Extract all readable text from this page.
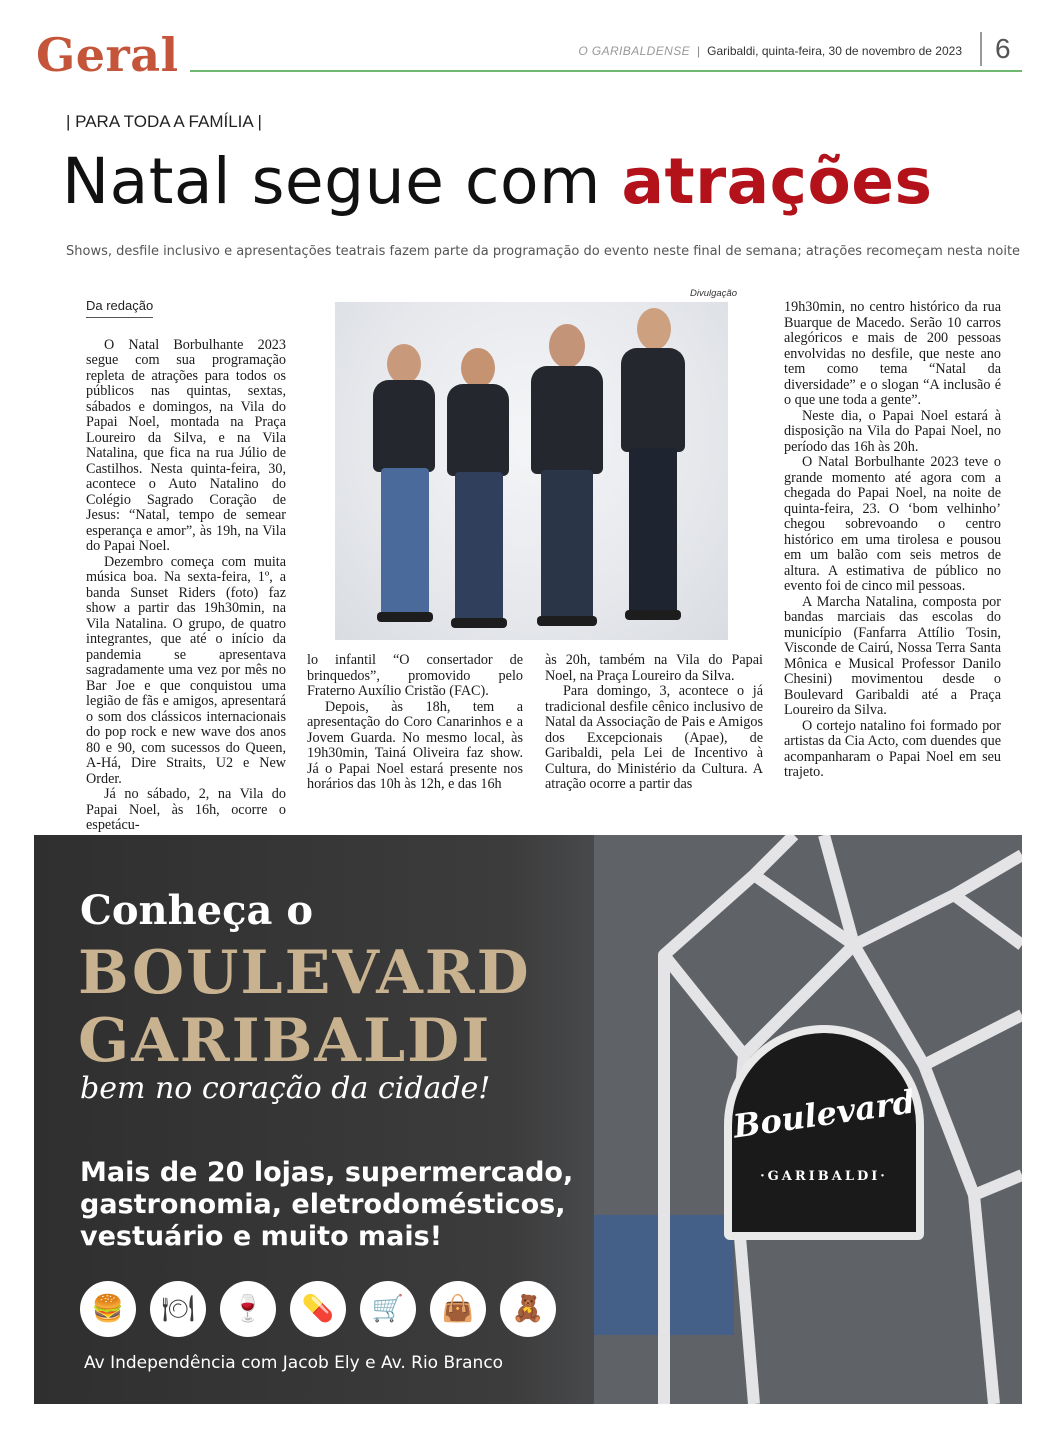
Geral	O GARIBALDENSE | Garibaldi, quinta-feira, 30 de novembro de 2023	6
| PARA TODA A FAMÍLIA |
Natal segue com atrações
Shows, desfile inclusivo e apresentações teatrais fazem parte da programação do evento neste final de semana; atrações recomeçam nesta noite
Da redação

O Natal Borbulhante 2023 segue com sua programação repleta de atrações para todos os públicos nas quintas, sextas, sábados e domingos, na Vila do Papai Noel, montada na Praça Loureiro da Silva, e na Vila Natalina, que fica na rua Júlio de Castilhos. Nesta quinta-feira, 30, acontece o Auto Natalino do Colégio Sagrado Coração de Jesus: “Natal, tempo de semear esperança e amor”, às 19h, na Vila do Papai Noel.

Dezembro começa com muita música boa. Na sexta-feira, 1º, a banda Sunset Riders (foto) faz show a partir das 19h30min, na Vila Natalina. O grupo, de quatro integrantes, que até o início da pandemia se apresentava sagradamente uma vez por mês no Bar Joe e que conquistou uma legião de fãs e amigos, apresentará o som dos clássicos internacionais do pop rock e new wave dos anos 80 e 90, com sucessos do Queen, A-Há, Dire Straits, U2 e New Order.

Já no sábado, 2, na Vila do Papai Noel, às 16h, ocorre o espetácu-

Divulgação

lo infantil “O consertador de brinquedos”, promovido pelo Fraterno Auxílio Cristão (FAC).

Depois, às 18h, tem a apresentação do Coro Canarinhos e a Jovem Guarda. No mesmo local, às 19h30min, Tainá Oliveira faz show. Já o Papai Noel estará presente nos horários das 10h às 12h, e das 16h

às 20h, também na Vila do Papai Noel, na Praça Loureiro da Silva.

Para domingo, 3, acontece o já tradicional desfile cênico inclusivo de Natal da Associação de Pais e Amigos dos Excepcionais (Apae), de Garibaldi, pela Lei de Incentivo à Cultura, do Ministério da Cultura. A atração ocorre a partir das

19h30min, no centro histórico da rua Buarque de Macedo. Serão 10 carros alegóricos e mais de 200 pessoas envolvidas no desfile, que neste ano tem como tema “Natal da diversidade” e o slogan “A inclusão é o que une toda a gente”.

Neste dia, o Papai Noel estará à disposição na Vila do Papai Noel, no período das 16h às 20h.

O Natal Borbulhante 2023 teve o grande momento até agora com a chegada do Papai Noel, na noite de quinta-feira, 23. O ‘bom velhinho’ chegou sobrevoando o centro histórico em uma tirolesa e pousou em um balão com seis metros de altura. A estimativa de público no evento foi de cinco mil pessoas.

A Marcha Natalina, composta por bandas marciais das escolas do município (Fanfarra Attílio Tosin, Visconde de Cairú, Nossa Terra Santa Mônica e Musical Professor Danilo Chesini) movimentou desde o Boulevard Garibaldi até a Praça Loureiro da Silva.

O cortejo natalino foi formado por artistas da Cia Acto, com duendes que acompanharam o Papai Noel em seu trajeto.

Boulevard
·GARIBALDI·
Conheça o
BOULEVARD
GARIBALDI
bem no coração da cidade!
Mais de 20 lojas, supermercado, gastronomia, eletrodomésticos, vestuário e muito mais!
🍔	🍽	🍷	💊	🛒	👜	🧸
Av Independência com Jacob Ely e Av. Rio Branco
